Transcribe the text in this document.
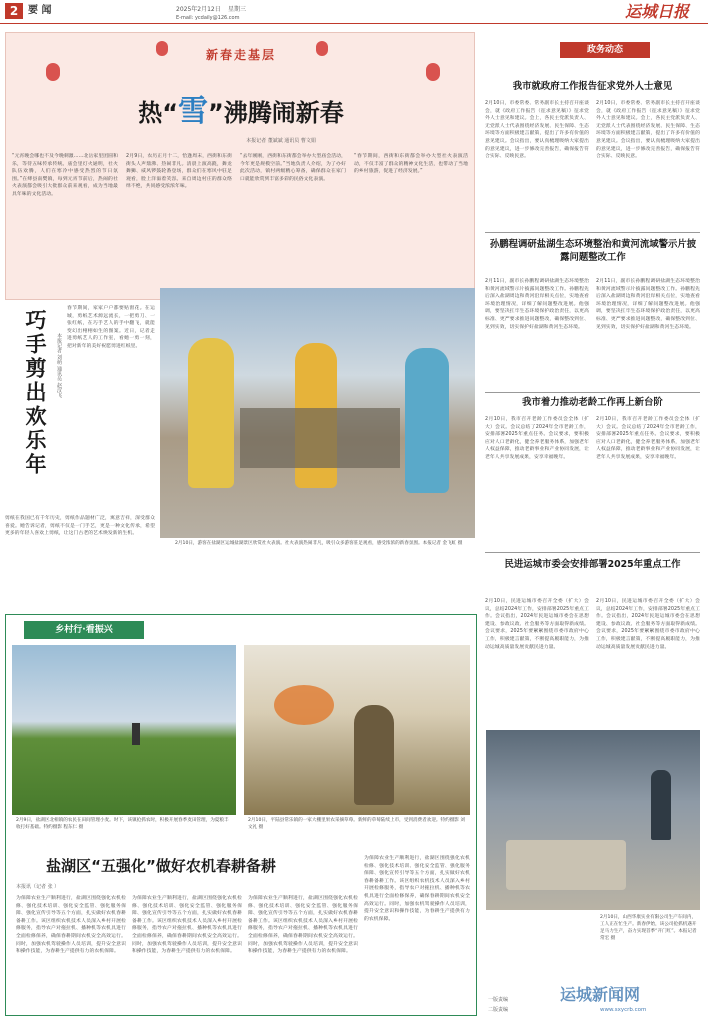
2 要 闻	2025年2月12日 星期三
E-mail: ycdaily@126.com	运城日报
新春走基层
热“雪”沸腾闹新春
本报记者 董斌斌 通讯员 曹文娟
“元宵晚会哪也不及今晚刺激……北岳家里团圆和乐，等待五味传承传统。庙会里灯火通明，社火队伍欢腾，人们在寒冷中感受热烈的节日氛围。”在绛县南樊镇，每到元宵节前后，热闹的社火表演都会吸引大批群众前来观看，成为当地最具年味的文化活动。
2月9日，农历正月十二，恰逢周末，西街和东街街头人声鼎沸、热闹非凡。清晨上演高跷，舞龙舞狮、威风锣鼓轮番登场，群众们在寒风中驻足观看，脸上洋溢着笑容。来自周边村庄的群众络绎不绝，共同感受浓浓年味。
“去年刚刚，西街和东街都会举办大型庙会活动，今年更是规模空前。”当地负责人介绍，为了办好此次活动，镇村两级精心筹备，确保群众在家门口就能欣赏到丰富多彩的民俗文化表演。
“春节期间，西街和东街都会举办大型社火表演活动，不仅丰富了群众的精神文化生活，也带动了当地的乡村旅游，促进了经济发展。”
巧手剪出欢乐年	本报记者 刘萌 通讯员 赵汉飞
春节期间，家家户户都要贴窗花。在运城，剪纸艺术源远流长，一把剪刀、一张红纸，在巧手艺人的手中翻飞，就能变幻出栩栩如生的图案。近日，记者走进剪纸艺人的工作室，看她一剪一刻，把对新年的美好祝愿剪进红纸里。
剪纸在我国已有千年历史，剪纸作品题材广泛，寓意吉祥，深受群众喜爱。她告诉记者，剪纸不仅是一门手艺，更是一种文化传承，希望更多的年轻人喜欢上剪纸，让这门古老的艺术焕发新的生机。
2月10日，游客在盐湖区运城盐湖景区欣赏社火表演。社火表演热闹非凡，吸引众多游客驻足观看，感受浓浓的新春氛围。本报记者 金飞虹 摄
政务动态
我市就政府工作报告征求党外人士意见
2月10日，市委常委、常务副市长主持召开座谈会，就《政府工作报告（征求意见稿）》征求党外人士意见和建议。会上，各民主党派负责人、无党派人士代表围绕经济发展、民生保障、生态环境等方面积极建言献策，提出了许多有价值的意见建议。会议指出，要认真梳理吸纳大家提出的意见建议，进一步修改完善报告，确保报告符合实际、反映民意。
2月10日，市委常委、常务副市长主持召开座谈会，就《政府工作报告（征求意见稿）》征求党外人士意见和建议。会上，各民主党派负责人、无党派人士代表围绕经济发展、民生保障、生态环境等方面积极建言献策，提出了许多有价值的意见建议。会议指出，要认真梳理吸纳大家提出的意见建议，进一步修改完善报告，确保报告符合实际、反映民意。
孙鹏程调研盐湖生态环境整治和黄河流域警示片披露问题整改工作
2月11日，副市长孙鹏程调研盐湖生态环境整治和黄河流域警示片披露问题整改工作。孙鹏程先后深入盐湖周边和黄河沿岸相关点位，实地查看环境治理情况，详细了解问题整改进展。他强调，要坚决扛牢生态环境保护政治责任，以更高标准、更严要求推进问题整改，确保整改到位、见到实效，切实保护好盐湖和黄河生态环境。
2月11日，副市长孙鹏程调研盐湖生态环境整治和黄河流域警示片披露问题整改工作。孙鹏程先后深入盐湖周边和黄河沿岸相关点位，实地查看环境治理情况，详细了解问题整改进展。他强调，要坚决扛牢生态环境保护政治责任，以更高标准、更严要求推进问题整改，确保整改到位、见到实效，切实保护好盐湖和黄河生态环境。
我市着力推动老龄工作再上新台阶
2月10日，我市召开老龄工作委员会全体（扩大）会议。会议总结了2024年全市老龄工作，安排部署2025年重点任务。会议要求，要积极应对人口老龄化，健全养老服务体系，加强老年人权益保障，推动老龄事业和产业协同发展，让老年人共享发展成果，安享幸福晚年。
2月10日，我市召开老龄工作委员会全体（扩大）会议。会议总结了2024年全市老龄工作，安排部署2025年重点任务。会议要求，要积极应对人口老龄化，健全养老服务体系，加强老年人权益保障，推动老龄事业和产业协同发展，让老年人共享发展成果，安享幸福晚年。
民进运城市委会安排部署2025年重点工作
2月10日，民进运城市委召开全委（扩大）会议，总结2024年工作，安排部署2025年重点工作。会议指出，2024年民进运城市委会在思想建设、参政议政、社会服务等方面取得新成绩。会议要求，2025年要紧紧围绕市委市政府中心工作，积极建言献策，不断提高履职能力，为推动运城高质量发展贡献民进力量。
2月10日，民进运城市委召开全委（扩大）会议，总结2024年工作，安排部署2025年重点工作。会议指出，2024年民进运城市委会在思想建设、参政议政、社会服务等方面取得新成绩。会议要求，2025年要紧紧围绕市委市政府中心工作，积极建言献策，不断提高履职能力，为推动运城高质量发展贡献民进力量。
乡村行·看振兴
2月9日，盐湖区北相镇的农民在田间管理小麦。时下，该镇抢抓农时，积极开展春季麦田管理，为夏粮丰收打好基础。特约摄影 程东仁 摄
2月10日，平陆县常乐镇的一家大棚里果农采摘草莓。新鲜的草莓陆续上市，受到消费者欢迎。特约摄影 刘文礼 摄
盐湖区“五强化”做好农机春耕备耕
本报讯（记者 张 ）
为保障农业生产顺利进行，盐湖区围绕强化农机检修、强化技术培训、强化安全监管、强化服务保障、强化宣传引导等五个方面，扎实做好农机春耕备耕工作。该区组织农机技术人员深入乡村开展检修服务，指导农户对拖拉机、播种机等农机具进行全面检修保养，确保春耕期间农机安全高效运行。同时，加强农机驾驶操作人员培训，提升安全意识和操作技能，为春耕生产提供有力的农机保障。
为保障农业生产顺利进行，盐湖区围绕强化农机检修、强化技术培训、强化安全监管、强化服务保障、强化宣传引导等五个方面，扎实做好农机春耕备耕工作。该区组织农机技术人员深入乡村开展检修服务，指导农户对拖拉机、播种机等农机具进行全面检修保养，确保春耕期间农机安全高效运行。同时，加强农机驾驶操作人员培训，提升安全意识和操作技能，为春耕生产提供有力的农机保障。
为保障农业生产顺利进行，盐湖区围绕强化农机检修、强化技术培训、强化安全监管、强化服务保障、强化宣传引导等五个方面，扎实做好农机春耕备耕工作。该区组织农机技术人员深入乡村开展检修服务，指导农户对拖拉机、播种机等农机具进行全面检修保养，确保春耕期间农机安全高效运行。同时，加强农机驾驶操作人员培训，提升安全意识和操作技能，为春耕生产提供有力的农机保障。
为保障农业生产顺利进行，盐湖区围绕强化农机检修、强化技术培训、强化安全监管、强化服务保障、强化宣传引导等五个方面，扎实做好农机春耕备耕工作。该区组织农机技术人员深入乡村开展检修服务，指导农户对拖拉机、播种机等农机具进行全面检修保养，确保春耕期间农机安全高效运行。同时，加强农机驾驶操作人员培训，提升安全意识和操作技能，为春耕生产提供有力的农机保障。	2月10日，山西华康实业有限公司生产车间内，工人正在忙生产。新春伊始，该公司抢抓机遇开足马力生产，奋力实现首季“开门红”。本报记者 常宏 摄
一版责编
二版责编
运城新闻网
www.sxycrb.com
